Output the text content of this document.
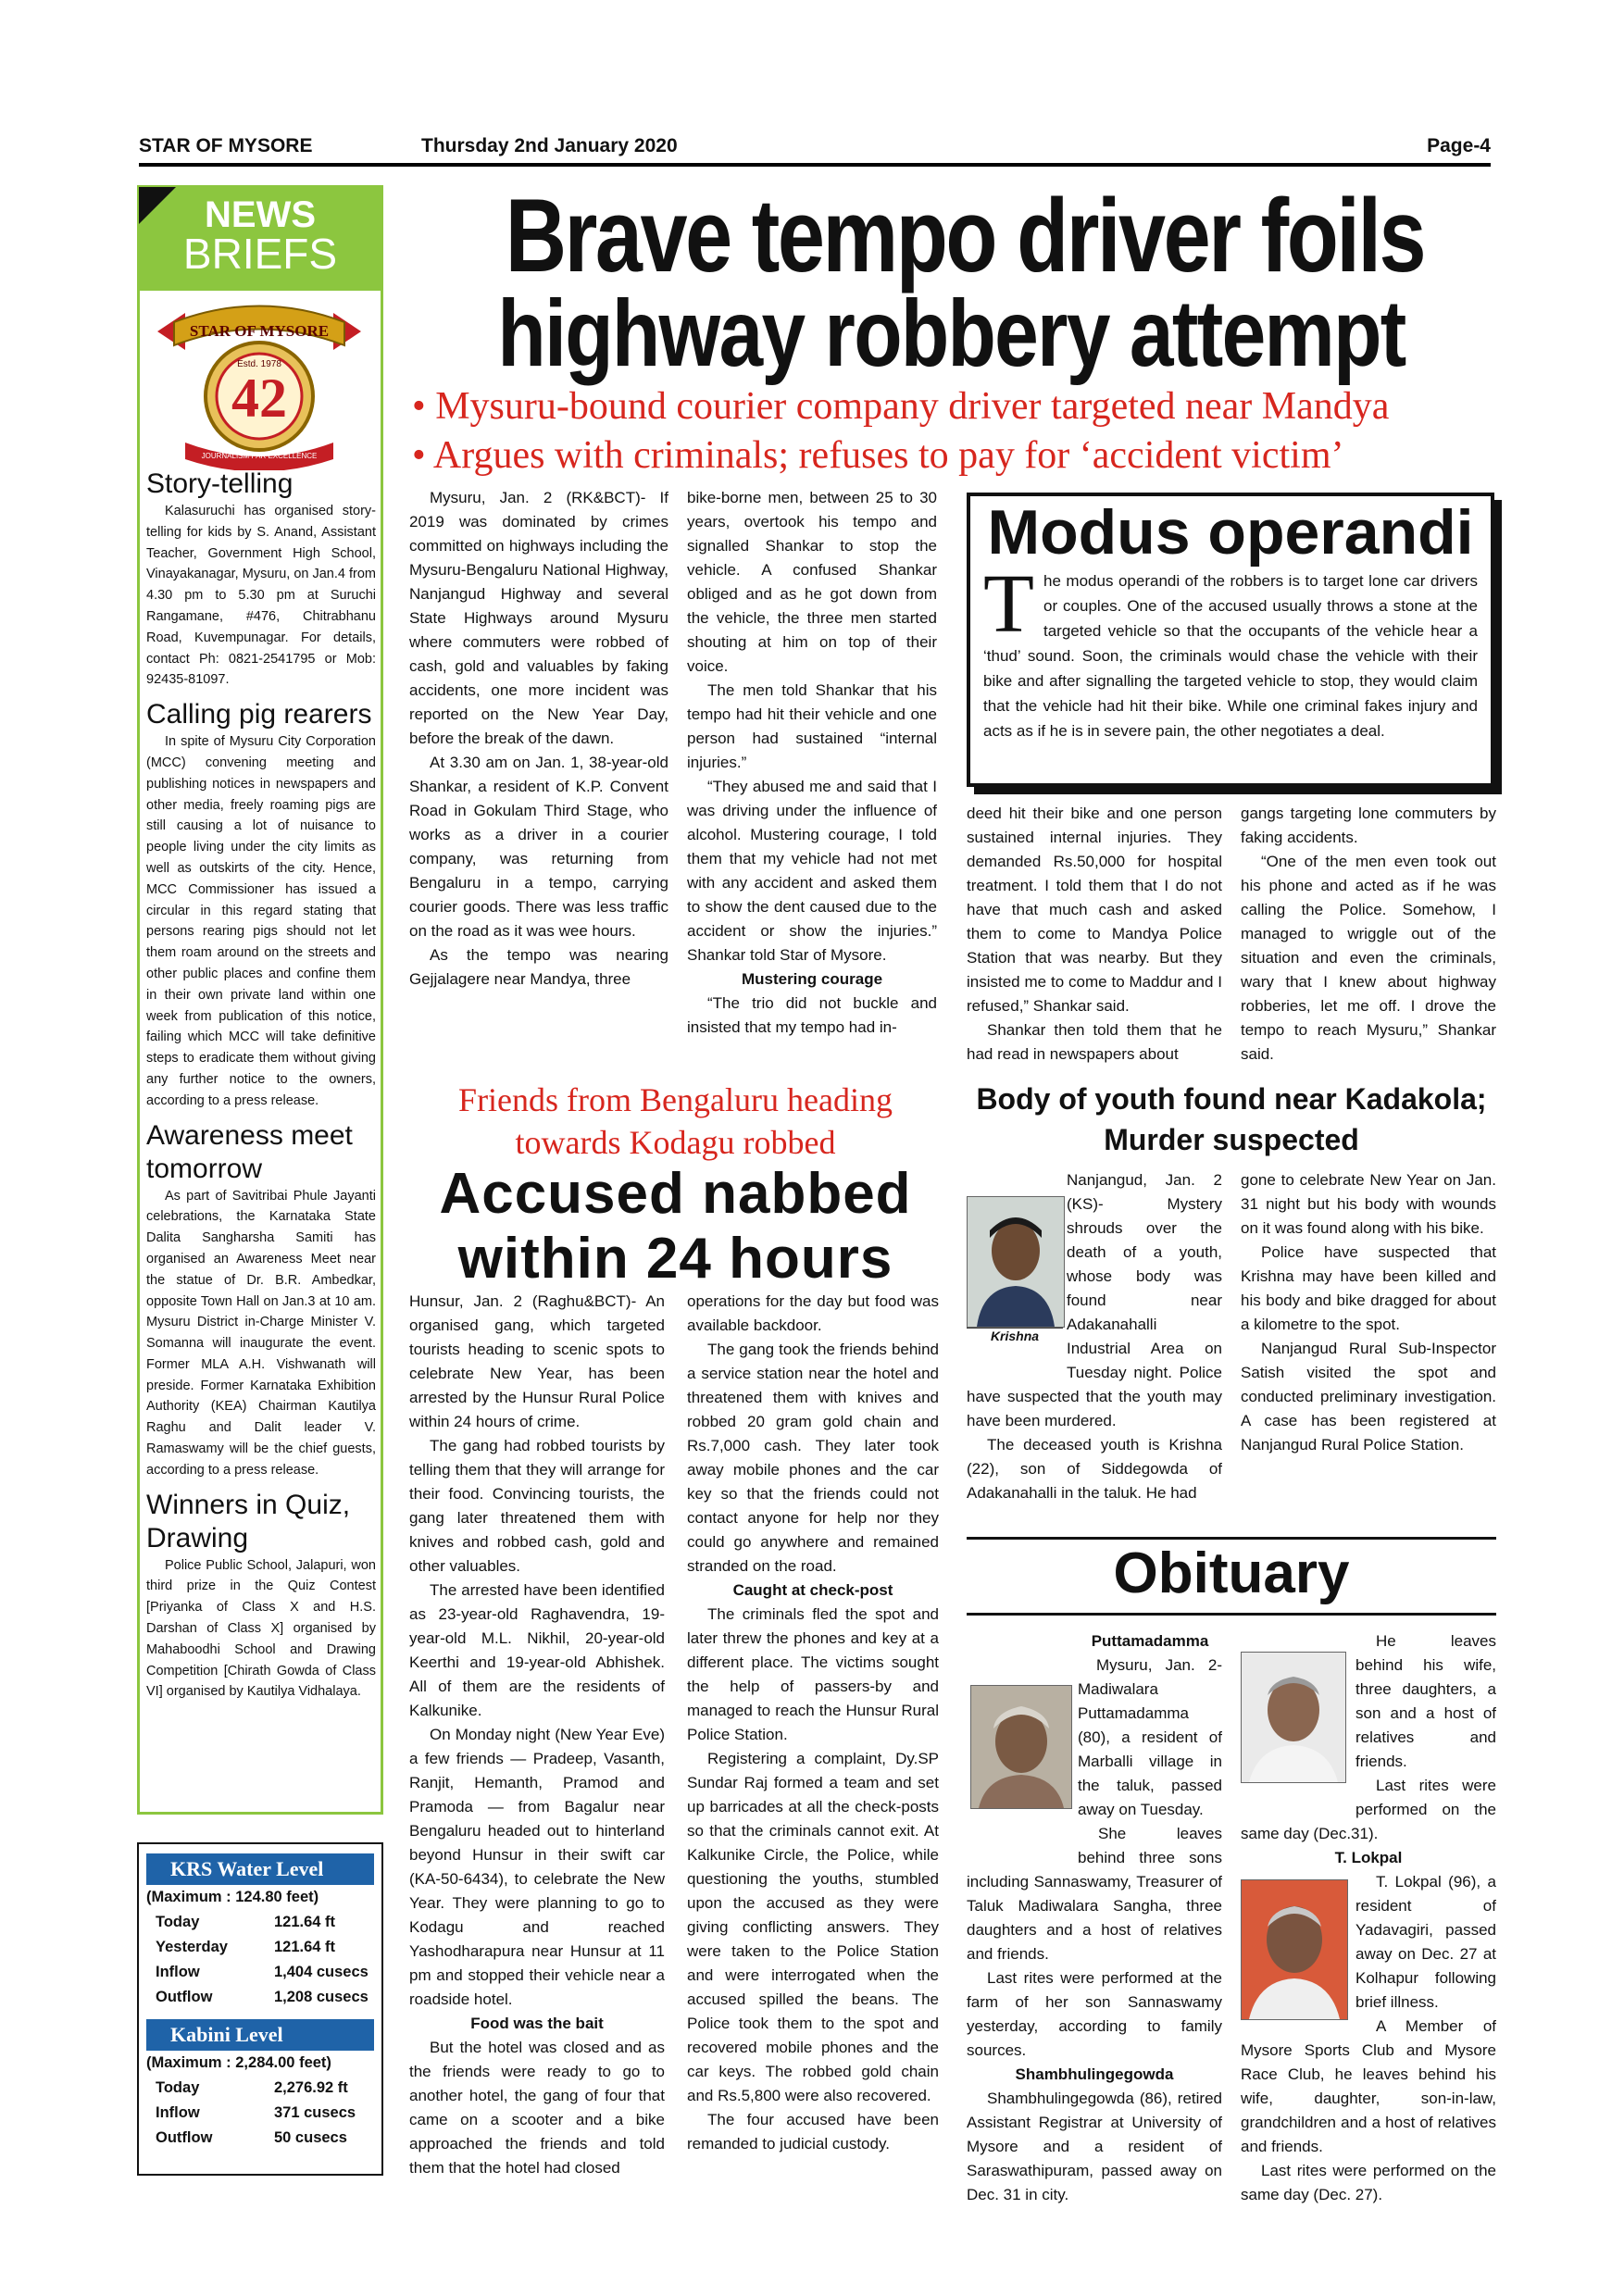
STAR OF MYSORE	Thursday 2nd January 2020	Page-4
NEWS
BRIEFS
STAR OF MYSORE
Estd. 1978
42
JOURNALISM PAR EXCELLENCE
Story-telling

Kalasuruchi has organised story-telling for kids by S. Anand, Assistant Teacher, Government High School, Vinayakanagar, Mysuru, on Jan.4 from 4.30 pm to 5.30 pm at Suruchi Rangamane, #476, Chitrabhanu Road, Kuvempunagar. For details, contact Ph: 0821-2541795 or Mob: 92435-81097.

Calling pig rearers

In spite of Mysuru City Corporation (MCC) convening meeting and publishing notices in newspapers and other media, freely roaming pigs are still causing a lot of nuisance to people living under the city limits as well as outskirts of the city. Hence, MCC Commissioner has issued a circular in this regard stating that persons rearing pigs should not let them roam around on the streets and other public places and confine them in their own private land within one week from publication of this notice, failing which MCC will take definitive steps to eradicate them without giving any further notice to the owners, according to a press release.

Awareness meet tomorrow

As part of Savitribai Phule Jayanti celebrations, the Karnataka State Dalita Sangharsha Samiti has organised an Awareness Meet near the statue of Dr. B.R. Ambedkar, opposite Town Hall on Jan.3 at 10 am. Mysuru District in-Charge Minister V. Somanna will inaugurate the event. Former MLA A.H. Vishwanath will preside. Former Karnataka Exhibition Authority (KEA) Chairman Kautilya Raghu and Dalit leader V. Ramaswamy will be the chief guests, according to a press release.

Winners in Quiz, Drawing

Police Public School, Jalapuri, won third prize in the Quiz Contest [Priyanka of Class X and H.S. Darshan of Class X] organised by Mahaboodhi School and Drawing Competition [Chirath Gowda of Class VI] organised by Kautilya Vidhalaya.

KRS Water Level
(Maximum : 124.80 feet)
Today	121.64 ft
Yesterday	121.64 ft
Inflow	1,404 cusecs
Outflow	1,208 cusecs
Kabini Level
(Maximum : 2,284.00 feet)
Today	2,276.92 ft
Inflow	371 cusecs
Outflow	50 cusecs
Brave tempo driver foils
highway robbery attempt
• Mysuru-bound courier company driver targeted near Mandya
• Argues with criminals; refuses to pay for ‘accident victim’

Mysuru, Jan. 2 (RK&BCT)- If 2019 was dominated by crimes committed on highways including the Mysuru-Bengaluru National Highway, Nanjangud Highway and several State Highways around Mysuru where commuters were robbed of cash, gold and valuables by faking accidents, one more incident was reported on the New Year Day, before the break of the dawn.

At 3.30 am on Jan. 1, 38-year-old Shankar, a resident of K.P. Convent Road in Gokulam Third Stage, who works as a driver in a courier company, was returning from Bengaluru in a tempo, carrying courier goods. There was less traffic on the road as it was wee hours.

As the tempo was nearing Gejjalagere near Mandya, three

bike-borne men, between 25 to 30 years, overtook his tempo and signalled Shankar to stop the vehicle. A confused Shankar obliged and as he got down from the vehicle, the three men started shouting at him on top of their voice.

The men told Shankar that his tempo had hit their vehicle and one person had sustained “internal injuries.”

“They abused me and said that I was driving under the influence of alcohol. Mustering courage, I told them that my vehicle had not met with any accident and asked them to show the dent caused due to the accident or show the injuries.” Shankar told Star of Mysore.

Mustering courage

“The trio did not buckle and insisted that my tempo had in-

Modus operandi

The modus operandi of the robbers is to target lone car drivers or couples. One of the accused usually throws a stone at the targeted vehicle so that the occupants of the vehicle hear a ‘thud’ sound. Soon, the criminals would chase the vehicle with their bike and after signalling the targeted vehicle to stop, they would claim that the vehicle had hit their bike. While one criminal fakes injury and acts as if he is in severe pain, the other negotiates a deal.

deed hit their bike and one person sustained internal injuries. They demanded Rs.50,000 for hospital treatment. I told them that I do not have that much cash and asked them to come to Mandya Police Station that was nearby. But they insisted me to come to Maddur and I refused,” Shankar said.

Shankar then told them that he had read in newspapers about

gangs targeting lone commuters by faking accidents.

“One of the men even took out his phone and acted as if he was calling the Police. Somehow, I managed to wriggle out of the situation and even the criminals, wary that I knew about highway robberies, let me off. I drove the tempo to reach Mysuru,” Shankar said.

Friends from Bengaluru heading
towards Kodagu robbed
Accused nabbed
within 24 hours

Hunsur, Jan. 2 (Raghu&BCT)- An organised gang, which targeted tourists heading to scenic spots to celebrate New Year, has been arrested by the Hunsur Rural Police within 24 hours of crime.

The gang had robbed tourists by telling them that they will arrange for their food. Convincing tourists, the gang later threatened them with knives and robbed cash, gold and other valuables.

The arrested have been identified as 23-year-old Raghavendra, 19-year-old M.L. Nikhil, 20-year-old Keerthi and 19-year-old Abhishek. All of them are the residents of Kalkunike.

On Monday night (New Year Eve) a few friends — Pradeep, Vasanth, Ranjit, Hemanth, Pramod and Pramoda — from Bagalur near Bengaluru headed out to hinterland beyond Hunsur in their swift car (KA-50-6434), to celebrate the New Year. They were planning to go to Kodagu and reached Yashodharapura near Hunsur at 11 pm and stopped their vehicle near a roadside hotel.

Food was the bait

But the hotel was closed and as the friends were ready to go to another hotel, the gang of four that came on a scooter and a bike approached the friends and told them that the hotel had closed

operations for the day but food was available backdoor.

The gang took the friends behind a service station near the hotel and threatened them with knives and robbed 20 gram gold chain and Rs.7,000 cash. They later took away mobile phones and the car key so that the friends could not contact anyone for help nor they could go anywhere and remained stranded on the road.

Caught at check-post

The criminals fled the spot and later threw the phones and key at a different place. The victims sought the help of passers-by and managed to reach the Hunsur Rural Police Station.

Registering a complaint, Dy.SP Sundar Raj formed a team and set up barricades at all the check-posts so that the criminals cannot exit. At Kalkunike Circle, the Police, while questioning the youths, stumbled upon the accused as they were giving conflicting answers. They were taken to the Police Station and were interrogated when the accused spilled the beans. The Police took them to the spot and recovered mobile phones and the car keys. The robbed gold chain and Rs.5,800 were also recovered.

The four accused have been remanded to judicial custody.

Body of youth found near Kadakola;
Murder suspected
Krishna

Nanjangud, Jan. 2 (KS)- Mystery shrouds over the death of a youth, whose body was found near Adakanahalli Industrial Area on Tuesday night. Police have suspected that the youth may have been murdered.

The deceased youth is Krishna (22), son of Siddegowda of Adakanahalli in the taluk. He had

gone to celebrate New Year on Jan. 31 night but his body with wounds on it was found along with his bike.

Police have suspected that Krishna may have been killed and his body and bike dragged for about a kilometre to the spot.

Nanjangud Rural Sub-Inspector Satish visited the spot and conducted preliminary investigation. A case has been registered at Nanjangud Rural Police Station.

Obituary

Puttamadamma

Mysuru, Jan. 2- Madiwalara Puttamadamma (80), a resident of Marballi village in the taluk, passed away on Tuesday.

She leaves behind three sons including Sannaswamy, Treasurer of Taluk Madiwalara Sangha, three daughters and a host of relatives and friends.

Last rites were performed at the farm of her son Sannaswamy yesterday, according to family sources.

Shambhulingegowda

Shambhulingegowda (86), retired Assistant Registrar at University of Mysore and a resident of Saraswathipuram, passed away on Dec. 31 in city.

He leaves behind his wife, three daughters, a son and a host of relatives and friends.

Last rites were performed on the same day (Dec.31).

T. Lokpal

T. Lokpal (96), a resident of Yadavagiri, passed away on Dec. 27 at Kolhapur following brief illness.

A Member of Mysore Sports Club and Mysore Race Club, he leaves behind his wife, daughter, son-in-law, grandchildren and a host of relatives and friends.

Last rites were performed on the same day (Dec. 27).
